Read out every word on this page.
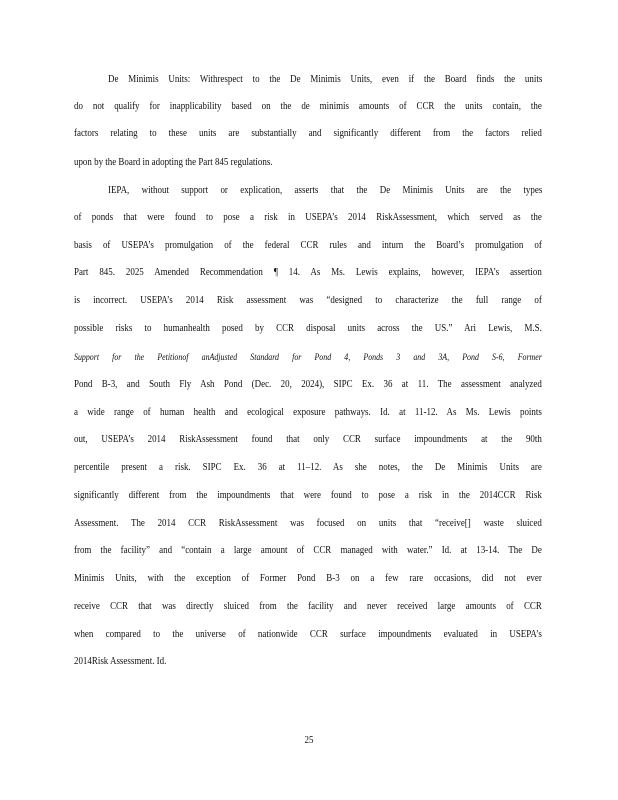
De Minimis Units: Withrespect to the De Minimis Units, even if the Board finds the units
do not qualify for inapplicability based on the de minimis amounts of CCR the units contain, the
factors relating to these units are substantially and significantly different from the factors relied
upon by the Board in adopting the Part 845 regulations.
IEPA, without support or explication, asserts that the De Minimis Units are the types
of ponds that were found to pose a risk in USEPA’s 2014 RiskAssessment, which served as the
basis of USEPA’s promulgation of the federal CCR rules and inturn the Board’s promulgation of
Part 845. 2025 Amended Recommendation ¶ 14. As Ms. Lewis explains, however, IEPA’s assertion
is incorrect. USEPA’s 2014 Risk assessment was “designed to characterize the full range of
possible risks to humanhealth posed by CCR disposal units across the US.” Ari Lewis, M.S.
Support for the Petitionof anAdjusted Standard for Pond 4, Ponds 3 and 3A, Pond S-6, Former
Pond B-3, and South Fly Ash Pond (Dec. 20, 2024), SIPC Ex. 36 at 11. The assessment analyzed
a wide range of human health and ecological exposure pathways. Id. at 11-12. As Ms. Lewis points
out, USEPA’s 2014 RiskAssessment found that only CCR surface impoundments at the 90th
percentile present a risk. SIPC Ex. 36 at 11–12. As she notes, the De Minimis Units are
significantly different from the impoundments that were found to pose a risk in the 2014CCR Risk
Assessment. The 2014 CCR RiskAssessment was focused on units that “receive[] waste sluiced
from the facility” and “contain a large amount of CCR managed with water.” Id. at 13-14. The De
Minimis Units, with the exception of Former Pond B-3 on a few rare occasions, did not ever
receive CCR that was directly sluiced from the facility and never received large amounts of CCR
when compared to the universe of nationwide CCR surface impoundments evaluated in USEPA’s
2014Risk Assessment. Id.
25
